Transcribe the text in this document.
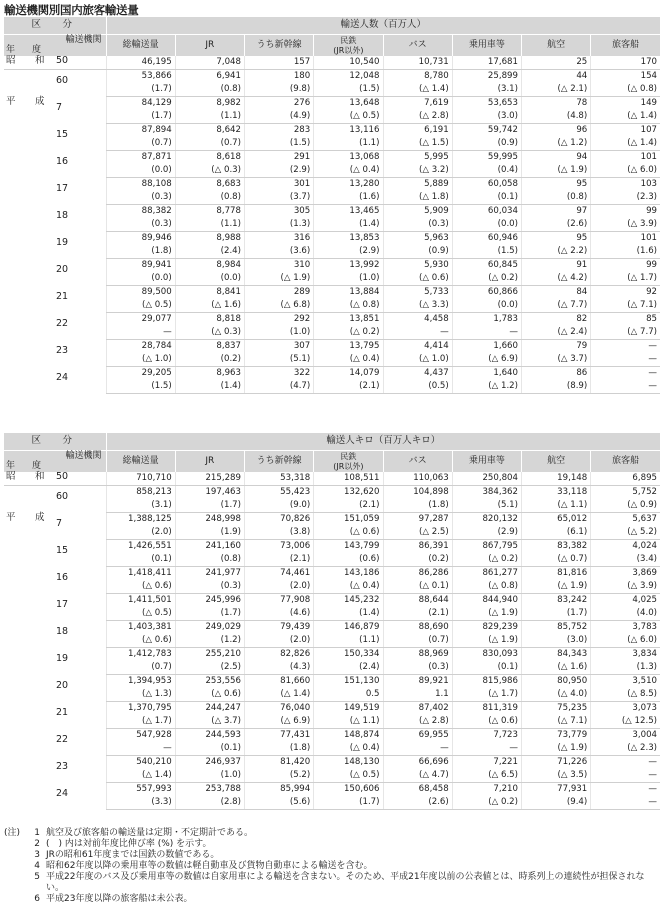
輸送機関別国内旅客輸送量
区　分	輸送人数（百万人）							

輸送機関
年　度	総輸送量	JR	うち新幹線	民鉄
(JR以外)	バス	乗用車等	航空	旅客船

昭　和 50	46,195	7,048	157	10,540	10,731	17,681	25	170

60	53,866	6,941	180	12,048	8,780	25,899	44	154
	(1.7)	(0.8)	(9.8)	(1.5)	(△ 1.4)	(3.1)	(△ 2.1)	(△ 0.8)

平　成
7	84,129	8,982	276	13,648	7,619	53,653	78	149
	(1.7)	(1.1)	(4.9)	(△ 0.5)	(△ 2.8)	(3.0)	(4.8)	(△ 1.4)

15	87,894	8,642	283	13,116	6,191	59,742	96	107
	(0.7)	(0.7)	(1.5)	(1.1)	(△ 1.5)	(0.9)	(△ 1.2)	(△ 1.4)

16	87,871	8,618	291	13,068	5,995	59,995	94	101
	(0.0)	(△ 0.3)	(2.9)	(△ 0.4)	(△ 3.2)	(0.4)	(△ 1.9)	(△ 6.0)

17	88,108	8,683	301	13,280	5,889	60,058	95	103
	(0.3)	(0.8)	(3.7)	(1.6)	(△ 1.8)	(0.1)	(0.8)	(2.3)

18	88,382	8,778	305	13,465	5,909	60,034	97	99
	(0.3)	(1.1)	(1.3)	(1.4)	(0.3)	(0.0)	(2.6)	(△ 3.9)

19	89,946	8,988	316	13,853	5,963	60,946	95	101
	(1.8)	(2.4)	(3.6)	(2.9)	(0.9)	(1.5)	(△ 2.2)	(1.6)

20	89,941	8,984	310	13,992	5,930	60,845	91	99
	(0.0)	(0.0)	(△ 1.9)	(1.0)	(△ 0.6)	(△ 0.2)	(△ 4.2)	(△ 1.7)

21	89,500	8,841	289	13,884	5,733	60,866	84	92
	(△ 0.5)	(△ 1.6)	(△ 6.8)	(△ 0.8)	(△ 3.3)	(0.0)	(△ 7.7)	(△ 7.1)

22	29,077	8,818	292	13,851	4,458	1,783	82	85
	—	(△ 0.3)	(1.0)	(△ 0.2)	—	—	(△ 2.4)	(△ 7.7)

23	28,784	8,837	307	13,795	4,414	1,660	79	—
	(△ 1.0)	(0.2)	(5.1)	(△ 0.4)	(△ 1.0)	(△ 6.9)	(△ 3.7)	—

24	29,205	8,963	322	14,079	4,437	1,640	86	—
	(1.5)	(1.4)	(4.7)	(2.1)	(0.5)	(△ 1.2)	(8.9)	—
区　分	輸送人キロ（百万人キロ）							

輸送機関
年　度	総輸送量	JR	うち新幹線	民鉄
(JR以外)	バス	乗用車等	航空	旅客船

昭　和 50	710,710	215,289	53,318	108,511	110,063	250,804	19,148	6,895

60	858,213	197,463	55,423	132,620	104,898	384,362	33,118	5,752
	(3.1)	(1.7)	(9.0)	(2.1)	(1.8)	(5.1)	(△ 1.1)	(△ 0.9)

平　成
7	1,388,125	248,998	70,826	151,059	97,287	820,132	65,012	5,637
	(2.0)	(1.9)	(3.8)	(△ 0.6)	(△ 2.5)	(2.9)	(6.1)	(△ 5.2)

15	1,426,551	241,160	73,006	143,799	86,391	867,795	83,382	4,024
	(0.1)	(0.8)	(2.1)	(0.6)	(0.2)	(△ 0.2)	(△ 0.7)	(3.4)

16	1,418,411	241,977	74,461	143,186	86,286	861,277	81,816	3,869
	(△ 0.6)	(0.3)	(2.0)	(△ 0.4)	(△ 0.1)	(△ 0.8)	(△ 1.9)	(△ 3.9)

17	1,411,501	245,996	77,908	145,232	88,644	844,940	83,242	4,025
	(△ 0.5)	(1.7)	(4.6)	(1.4)	(2.1)	(△ 1.9)	(1.7)	(4.0)

18	1,403,381	249,029	79,439	146,879	88,690	829,239	85,752	3,783
	(△ 0.6)	(1.2)	(2.0)	(1.1)	(0.7)	(△ 1.9)	(3.0)	(△ 6.0)

19	1,412,783	255,210	82,826	150,334	88,969	830,093	84,343	3,834
	(0.7)	(2.5)	(4.3)	(2.4)	(0.3)	(0.1)	(△ 1.6)	(1.3)

20	1,394,953	253,556	81,660	151,130	89,921	815,986	80,950	3,510
	(△ 1.3)	(△ 0.6)	(△ 1.4)	0.5	1.1	(△ 1.7)	(△ 4.0)	(△ 8.5)

21	1,370,795	244,247	76,040	149,519	87,402	811,319	75,235	3,073
	(△ 1.7)	(△ 3.7)	(△ 6.9)	(△ 1.1)	(△ 2.8)	(△ 0.6)	(△ 7.1)	(△ 12.5)

22	547,928	244,593	77,431	148,874	69,955	7,723	73,779	3,004
	—	(0.1)	(1.8)	(△ 0.4)	—	—	(△ 1.9)	(△ 2.3)

23	540,210	246,937	81,420	148,130	66,696	7,221	71,226	—
	(△ 1.4)	(1.0)	(5.2)	(△ 0.5)	(△ 4.7)	(△ 6.5)	(△ 3.5)	—

24	557,993	253,788	85,994	150,606	68,458	7,210	77,931	—
	(3.3)	(2.8)	(5.6)	(1.7)	(2.6)	(△ 0.2)	(9.4)	—
(注)	1 航空及び旅客船の輸送量は定期・不定期計である。
2 (　) 内は対前年度比伸び率 (%) を示す。
3 JRの昭和61年度までは国鉄の数値である。
4 昭和62年度以降の乗用車等の数値は軽自動車及び貨物自動車による輸送を含む。
5 平成22年度のバス及び乗用車等の数値は自家用車による輸送を含まない。そのため、平成21年度以前の公表値とは、時系列上の連続性が担保されない。
6 平成23年度以降の旅客船は未公表。
